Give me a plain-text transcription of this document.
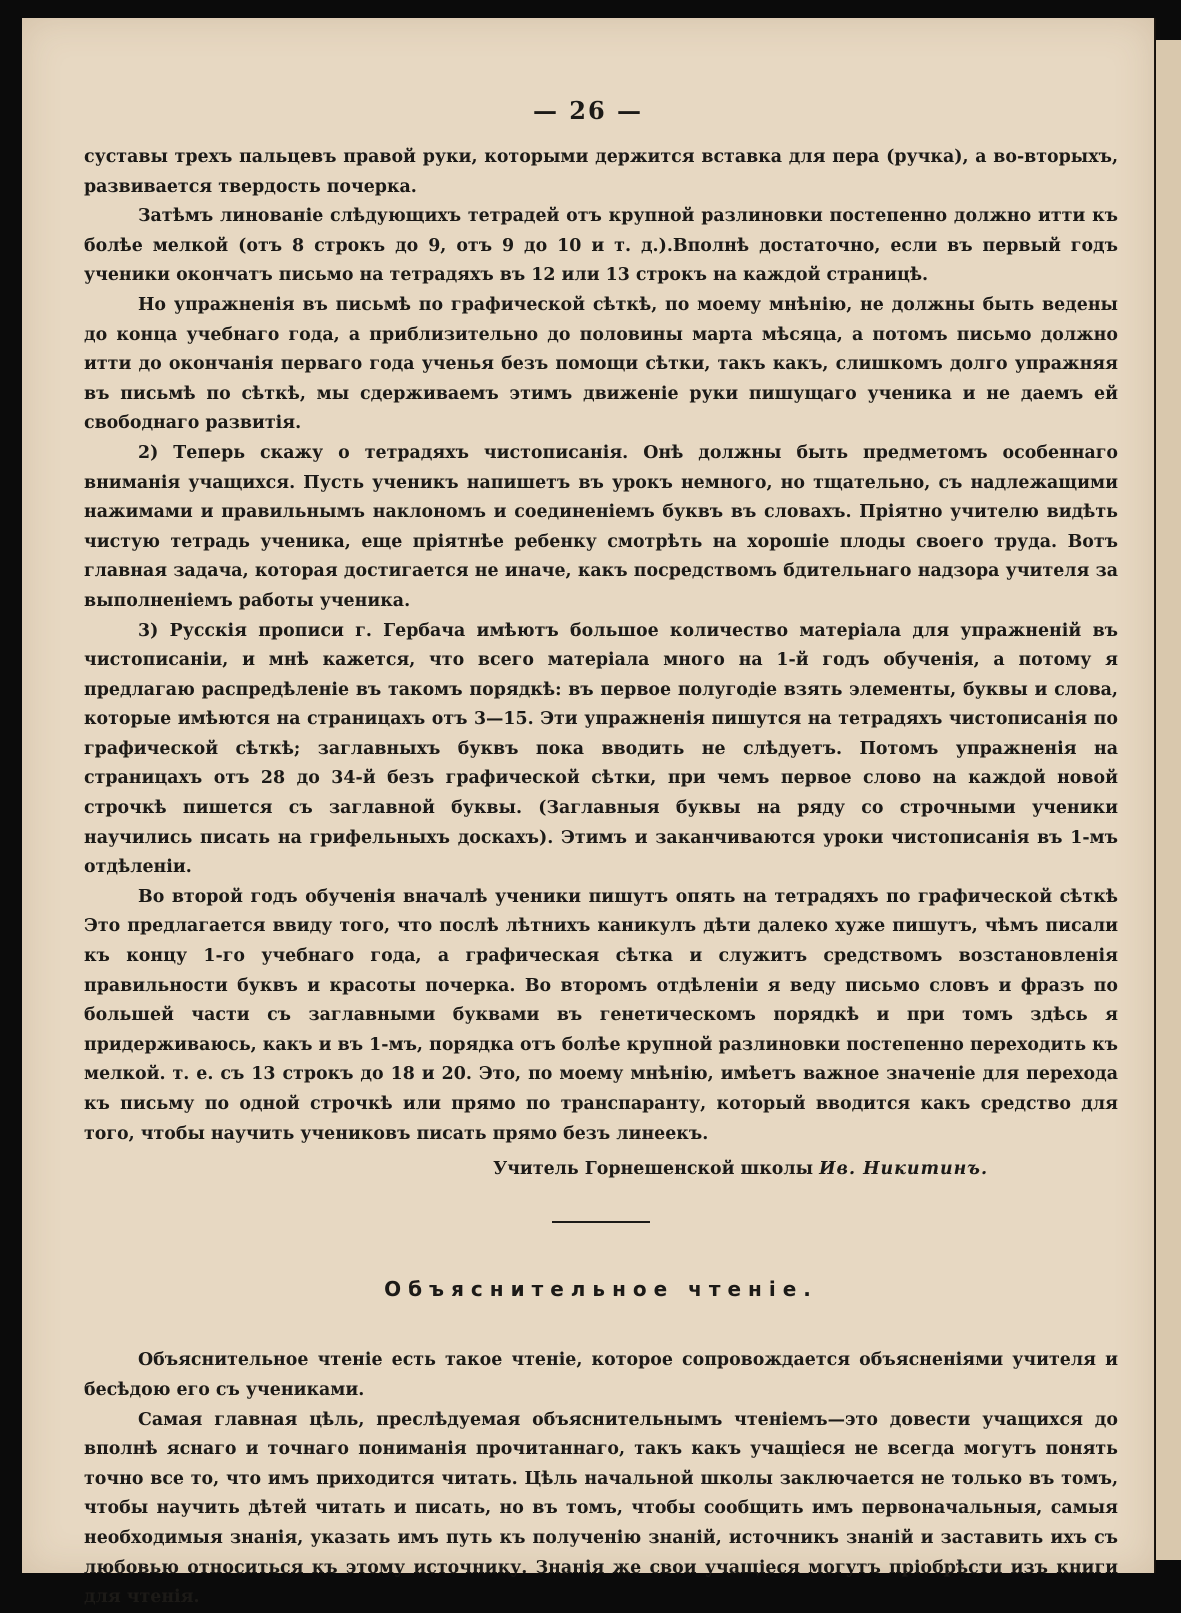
— 26 —

суставы трехъ пальцевъ правой руки, которыми держится вставка для пера (ручка), а во-вторыхъ, развивается твердость почерка.

Затѣмъ линованіе слѣдующихъ тетрадей отъ крупной разлиновки постепенно должно итти къ болѣе мелкой (отъ 8 строкъ до 9, отъ 9 до 10 и т. д.).Вполнѣ достаточно, если въ первый годъ ученики окончатъ письмо на тетрадяхъ въ 12 или 13 строкъ на каждой страницѣ.

Но упражненія въ письмѣ по графической сѣткѣ, по моему мнѣнію, не должны быть ведены до конца учебнаго года, а приблизительно до половины марта мѣсяца, а потомъ письмо должно итти до окончанія перваго года ученья безъ помощи сѣтки, такъ какъ, слишкомъ долго упражняя въ письмѣ по сѣткѣ, мы сдерживаемъ этимъ движеніе руки пишущаго ученика и не даемъ ей свободнаго развитія.

2) Теперь скажу о тетрадяхъ чистописанія. Онѣ должны быть предметомъ особеннаго вниманія учащихся. Пусть ученикъ напишетъ въ урокъ немного, но тщательно, съ надлежащими нажимами и правильнымъ наклономъ и соединеніемъ буквъ въ словахъ. Пріятно учителю видѣть чистую тетрадь ученика, еще пріятнѣе ребенку смотрѣть на хорошіе плоды своего труда. Вотъ главная задача, которая достигается не иначе, какъ посредствомъ бдительнаго надзора учителя за выполненіемъ работы ученика.

3) Русскія прописи г. Гербача имѣютъ большое количество матеріала для упражненій въ чистописаніи, и мнѣ кажется, что всего матеріала много на 1-й годъ обученія, а потому я предлагаю распредѣленіе въ такомъ порядкѣ: въ первое полугодіе взять элементы, буквы и слова, которые имѣются на страницахъ отъ 3—15. Эти упражненія пишутся на тетрадяхъ чистописанія по графической сѣткѣ; заглавныхъ буквъ пока вводить не слѣдуетъ. Потомъ упражненія на страницахъ отъ 28 до 34-й безъ графической сѣтки, при чемъ первое слово на каждой новой строчкѣ пишется съ заглавной буквы. (Заглавныя буквы на ряду со строчными ученики научились писать на грифельныхъ доскахъ). Этимъ и заканчиваются уроки чистописанія въ 1-мъ отдѣленіи.

Во второй годъ обученія вначалѣ ученики пишутъ опять на тетрадяхъ по графической сѣткѣ Это предлагается ввиду того, что послѣ лѣтнихъ каникулъ дѣти далеко хуже пишутъ, чѣмъ писали къ концу 1-го учебнаго года, а графическая сѣтка и служитъ средствомъ возстановленія правильности буквъ и красоты почерка. Во второмъ отдѣленіи я веду письмо словъ и фразъ по большей части съ заглавными буквами въ генетическомъ порядкѣ и при томъ здѣсь я придерживаюсь, какъ и въ 1-мъ, порядка отъ болѣе крупной разлиновки постепенно переходить къ мелкой. т. е. съ 13 строкъ до 18 и 20. Это, по моему мнѣнію, имѣетъ важное значеніе для перехода къ письму по одной строчкѣ или прямо по транспаранту, который вводится какъ средство для того, чтобы научить учениковъ писать прямо безъ линеекъ.

Учитель Горнешенской школы Ив. Никитинъ.
Объяснительное чтеніе.

Объяснительное чтеніе есть такое чтеніе, которое сопровождается объясненіями учителя и бесѣдою его съ учениками.

Самая главная цѣль, преслѣдуемая объяснительнымъ чтеніемъ—это довести учащихся до вполнѣ яснаго и точнаго пониманія прочитаннаго, такъ какъ учащіеся не всегда могутъ понять точно все то, что имъ приходится читать. Цѣль начальной школы заключается не только въ томъ, чтобы научить дѣтей читать и писать, но въ томъ, чтобы сообщить имъ первоначальныя, самыя необходимыя знанія, указать имъ путь къ полученію знаній, источникъ знаній и заставить ихъ съ любовью относиться къ этому источнику. Знанія же свои учащіеся могутъ пріобрѣсти изъ книги для чтенія.
